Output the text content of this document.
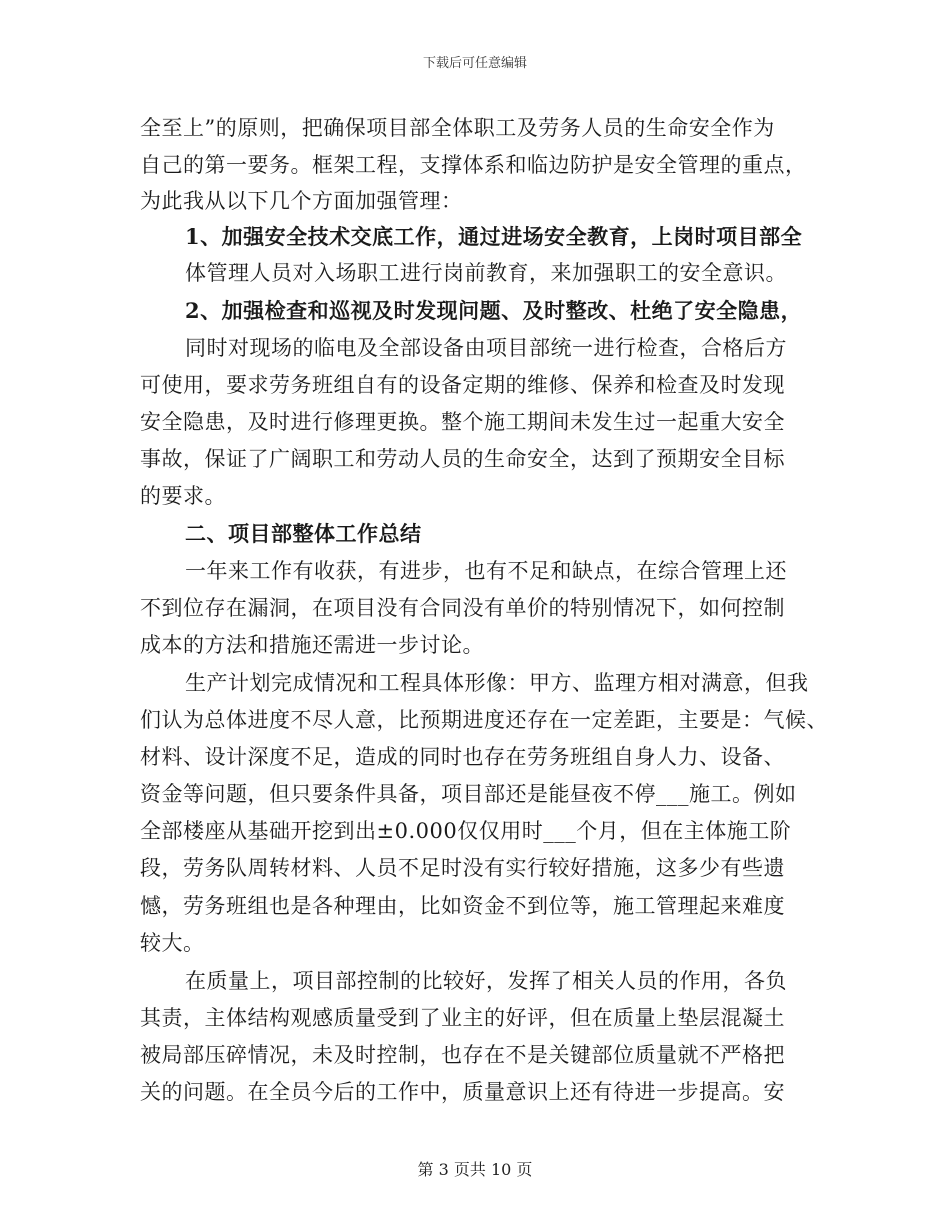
下载后可任意编辑
全至上”的原则，把确保项目部全体职工及劳务人员的生命安全作为
自己的第一要务。框架工程，支撑体系和临边防护是安全管理的重点，
为此我从以下几个方面加强管理：
1、加强安全技术交底工作，通过进场安全教育，上岗时项目部全
体管理人员对入场职工进行岗前教育，来加强职工的安全意识。
2、加强检查和巡视及时发现问题、及时整改、杜绝了安全隐患，
同时对现场的临电及全部设备由项目部统一进行检查，合格后方
可使用，要求劳务班组自有的设备定期的维修、保养和检查及时发现
安全隐患，及时进行修理更换。整个施工期间未发生过一起重大安全
事故，保证了广阔职工和劳动人员的生命安全，达到了预期安全目标
的要求。
二、项目部整体工作总结
一年来工作有收获，有进步，也有不足和缺点，在综合管理上还
不到位存在漏洞，在项目没有合同没有单价的特别情况下，如何控制
成本的方法和措施还需进一步讨论。
生产计划完成情况和工程具体形像：甲方、监理方相对满意，但我
们认为总体进度不尽人意，比预期进度还存在一定差距，主要是：气候、
材料、设计深度不足，造成的同时也存在劳务班组自身人力、设备、
资金等问题，但只要条件具备，项目部还是能昼夜不停___施工。例如
全部楼座从基础开挖到出±0.000仅仅用时___个月，但在主体施工阶
段，劳务队周转材料、人员不足时没有实行较好措施，这多少有些遗
憾，劳务班组也是各种理由，比如资金不到位等，施工管理起来难度
较大。
在质量上，项目部控制的比较好，发挥了相关人员的作用，各负
其责，主体结构观感质量受到了业主的好评，但在质量上垫层混凝土
被局部压碎情况，未及时控制，也存在不是关键部位质量就不严格把
关的问题。在全员今后的工作中，质量意识上还有待进一步提高。安
第 3 页共 10 页
